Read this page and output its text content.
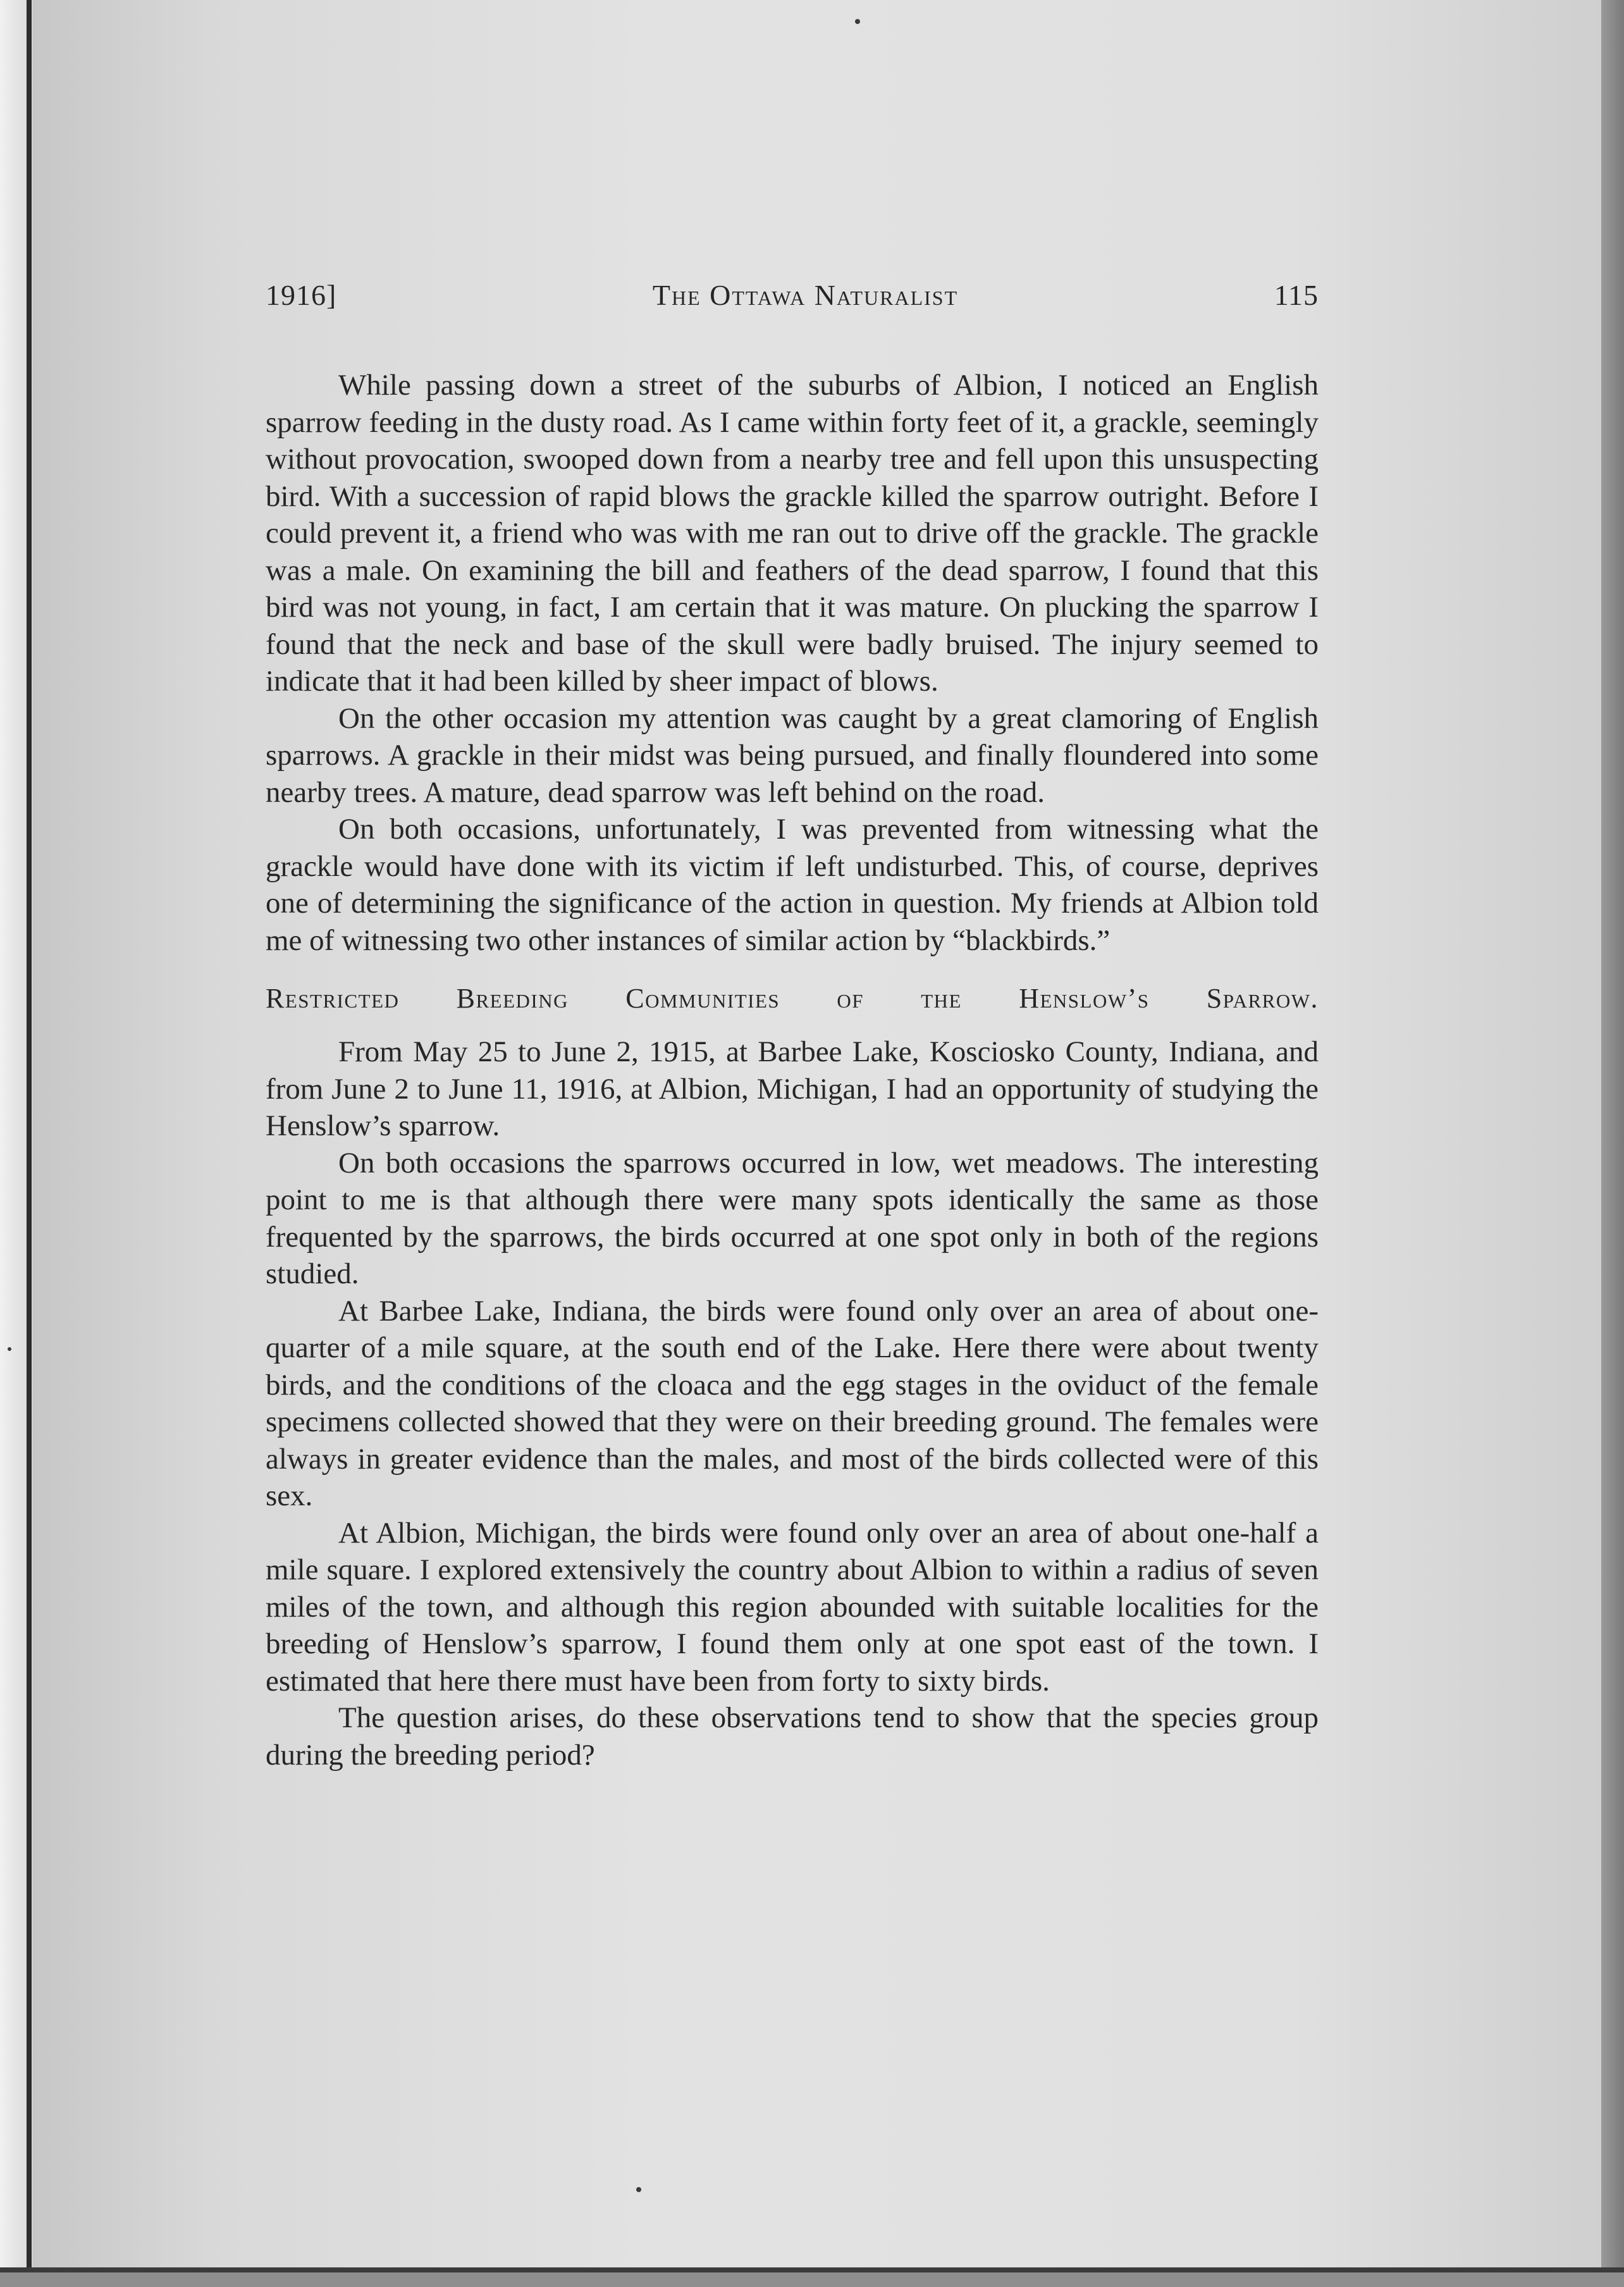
1916]	The Ottawa Naturalist	115

While passing down a street of the suburbs of Albion, I noticed an English sparrow feeding in the dusty road. As I came within forty feet of it, a grackle, seemingly without provocation, swooped down from a nearby tree and fell upon this unsuspecting bird. With a succession of rapid blows the grackle killed the sparrow outright. Before I could prevent it, a friend who was with me ran out to drive off the grackle. The grackle was a male. On examining the bill and feathers of the dead sparrow, I found that this bird was not young, in fact, I am certain that it was mature. On plucking the sparrow I found that the neck and base of the skull were badly bruised. The injury seemed to indicate that it had been killed by sheer impact of blows.

On the other occasion my attention was caught by a great clamoring of English sparrows. A grackle in their midst was being pursued, and finally floundered into some nearby trees. A mature, dead sparrow was left behind on the road.

On both occasions, unfortunately, I was prevented from witnessing what the grackle would have done with its victim if left undisturbed. This, of course, deprives one of determining the significance of the action in question. My friends at Albion told me of witnessing two other instances of similar action by “blackbirds.”

Restricted Breeding Communities of the Henslow’s Sparrow.

From May 25 to June 2, 1915, at Barbee Lake, Koscioskо County, Indiana, and from June 2 to June 11, 1916, at Albion, Michigan, I had an opportunity of studying the Henslow’s sparrow.

On both occasions the sparrows occurred in low, wet meadows. The interesting point to me is that although there were many spots identically the same as those frequented by the sparrows, the birds occurred at one spot only in both of the regions studied.

At Barbee Lake, Indiana, the birds were found only over an area of about one-quarter of a mile square, at the south end of the Lake. Here there were about twenty birds, and the conditions of the cloaca and the egg stages in the oviduct of the female specimens collected showed that they were on their breeding ground. The females were always in greater evidence than the males, and most of the birds collected were of this sex.

At Albion, Michigan, the birds were found only over an area of about one-half a mile square. I explored extensively the country about Albion to within a radius of seven miles of the town, and although this region abounded with suitable localities for the breeding of Henslow’s sparrow, I found them only at one spot east of the town. I estimated that here there must have been from forty to sixty birds.

The question arises, do these observations tend to show that the species group during the breeding period?
